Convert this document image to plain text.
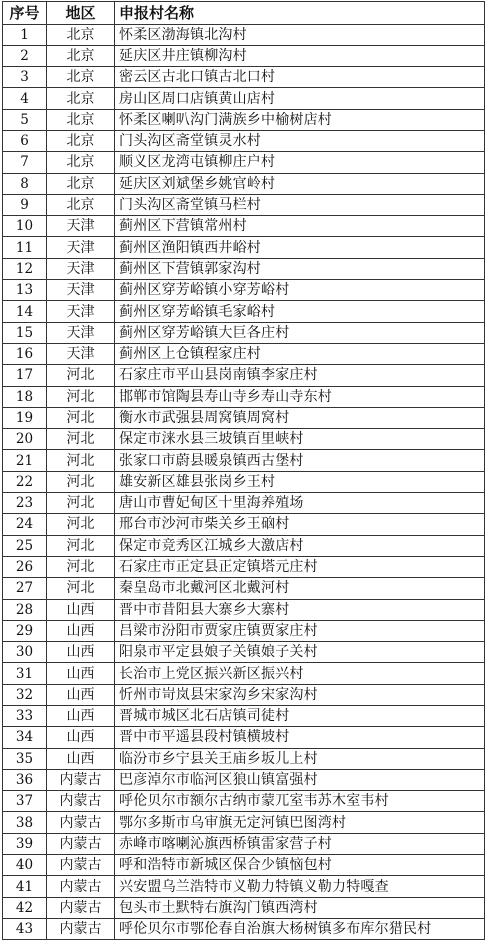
序号	地区	申报村名称
1	北京	怀柔区渤海镇北沟村
2	北京	延庆区井庄镇柳沟村
3	北京	密云区古北口镇古北口村
4	北京	房山区周口店镇黄山店村
5	北京	怀柔区喇叭沟门满族乡中榆树店村
6	北京	门头沟区斋堂镇灵水村
7	北京	顺义区龙湾屯镇柳庄户村
8	北京	延庆区刘斌堡乡姚官岭村
9	北京	门头沟区斋堂镇马栏村
10	天津	蓟州区下营镇常州村
11	天津	蓟州区渔阳镇西井峪村
12	天津	蓟州区下营镇郭家沟村
13	天津	蓟州区穿芳峪镇小穿芳峪村
14	天津	蓟州区穿芳峪镇毛家峪村
15	天津	蓟州区穿芳峪镇大巨各庄村
16	天津	蓟州区上仓镇程家庄村
17	河北	石家庄市平山县岗南镇李家庄村
18	河北	邯郸市馆陶县寿山寺乡寿山寺东村
19	河北	衡水市武强县周窝镇周窝村
20	河北	保定市涞水县三坡镇百里峡村
21	河北	张家口市蔚县暖泉镇西古堡村
22	河北	雄安新区雄县张岗乡王村
23	河北	唐山市曹妃甸区十里海养殖场
24	河北	邢台市沙河市柴关乡王硇村
25	河北	保定市竞秀区江城乡大激店村
26	河北	石家庄市正定县正定镇塔元庄村
27	河北	秦皇岛市北戴河区北戴河村
28	山西	晋中市昔阳县大寨乡大寨村
29	山西	吕梁市汾阳市贾家庄镇贾家庄村
30	山西	阳泉市平定县娘子关镇娘子关村
31	山西	长治市上党区振兴新区振兴村
32	山西	忻州市岢岚县宋家沟乡宋家沟村
33	山西	晋城市城区北石店镇司徒村
34	山西	晋中市平遥县段村镇横坡村
35	山西	临汾市乡宁县关王庙乡坂儿上村
36	内蒙古	巴彦淖尔市临河区狼山镇富强村
37	内蒙古	呼伦贝尔市额尔古纳市蒙兀室韦苏木室韦村
38	内蒙古	鄂尔多斯市乌审旗无定河镇巴图湾村
39	内蒙古	赤峰市喀喇沁旗西桥镇雷家营子村
40	内蒙古	呼和浩特市新城区保合少镇恼包村
41	内蒙古	兴安盟乌兰浩特市义勒力特镇义勒力特嘎查
42	内蒙古	包头市土默特右旗沟门镇西湾村
43	内蒙古	呼伦贝尔市鄂伦春自治旗大杨树镇多布库尔猎民村
